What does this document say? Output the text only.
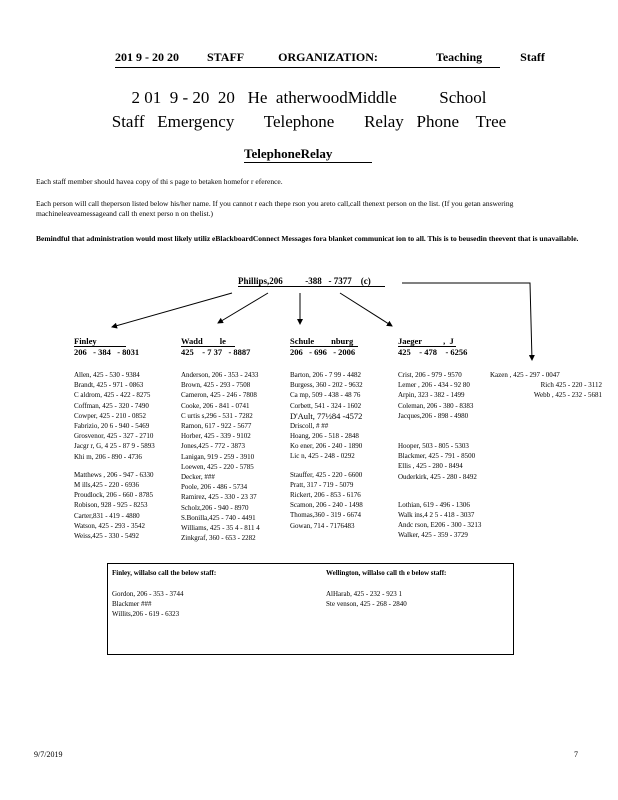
201 9 - 20 20 STAFF	ORGANIZATION:	Teaching	Staff
2 01  9 - 20  20   He  atherwoodMiddle          School
Staff   Emergency       Telephone       Relay   Phone    Tree
TelephoneRelay
Each staff member should havea copy of thi s page to betaken homefor r eference.
Each person will call theperson listed below his/her name. If you cannot r each thepe rson you areto call,call thenext person on the list. (If you getan answering machineleaveamessageand call th enext perso n on thelist.)
Bemindful that administration would most likely utiliz eBlackboardConnect Messages fora blanket communicat ion to all. This is to beusedin theevent that is unavailable.
Phillips,206          -388   - 7377    (c)
Finley
206   - 384   - 8031
Allen, 425 - 530 - 9384
Brandt, 425 - 971 - 0863
C aldrom, 425 - 422 - 8275
Coffman, 425 - 320 - 7490
Cowper, 425 - 210 - 0852
Fabrizio, 20 6 - 940 - 5469
Grosvenor, 425 - 327 - 2710
Jacgr r, G, 4 25 - 87 9 - 5893
Khi m, 206 - 890 - 4736
Matthews , 206 - 947 - 6330
M ills,425 - 220 - 6936
Proudlock, 206 - 660 - 8785
Robison, 928 - 925 - 8253
Carter,831 - 419 - 4880
Watson, 425 - 293 - 3542
Weiss,425 - 330 - 5492
Wadd        le
425    - 7 37   - 8887
Anderson, 206 - 353 - 2433
Brown, 425 - 293 - 7508
Cameron, 425 - 246 - 7808
Cooke, 206 - 841 - 0741
C urtis s,296 - 531 - 7282
Ramon, 617 - 922 - 5677
Horber, 425 - 339 - 9102
Jones,425 - 772 - 3873
Lanigan, 919 - 259 - 3910
Loewen, 425 - 220 - 5785
Decker, ###
Poole, 206 - 486 - 5734
Ramirez, 425 - 330 - 23 37
Scholz,206 - 940 - 8970
S.Bonilla,425 - 740 - 4491
Williams, 425 - 35 4 - 811 4
Zinkgraf, 360 - 653 - 2282
Schule        nburg
206   - 696   - 2006
Barton, 206 - 7 99 - 4482
Burgess, 360 - 202 - 9632
Ca mp, 509 - 438 - 48 76
Corbett, 541 - 324 - 1602
D'Ault, 77½84 -4572
Driscoll, # ##
Hoang, 206 - 518 - 2848
Ko ener, 206 - 240 - 1890
Lic n, 425 - 248 - 0292
Stauffer, 425 - 220 - 6600
Pratt, 317 - 719 - 5079
Rickert, 206 - 853 - 6176
Scamon, 206 - 240 - 1498
Thomas,360 - 319 - 6674
Gowan, 714 - 7176483
Jaeger          ,  J
425    - 478    - 6256
Crist, 206 - 979 - 9570
Lemer , 206 - 434 - 92 80
Arpin, 323 - 382 - 1499
Coleman, 206 - 380 - 8383
Jacques,206 - 898 - 4980
Hooper, 503 - 805 - 5303
Blackmer, 425 - 791 - 8500
Ellis , 425 - 280 - 8494
Ouderkirk, 425 - 280 - 8492
Lothian, 619 - 496 - 1306
Walk ins,4 2 5 - 418 - 3037
Andc rson, E206 - 300 - 3213
Walker, 425 - 359 - 3729
Kazen , 425 - 297 - 0047
Rich 425 - 220 - 3112
Webb , 425 - 232 - 5681
Finley, willalso call the below staff:
Gordon, 206 - 353 - 3744
Blackmer ###
Willits,206 - 619 - 6323
Wellington, willalso call th e below staff:
AlHarab, 425 - 232 - 923 1
Ste venson, 425 - 268 - 2840
9/7/2019	7
